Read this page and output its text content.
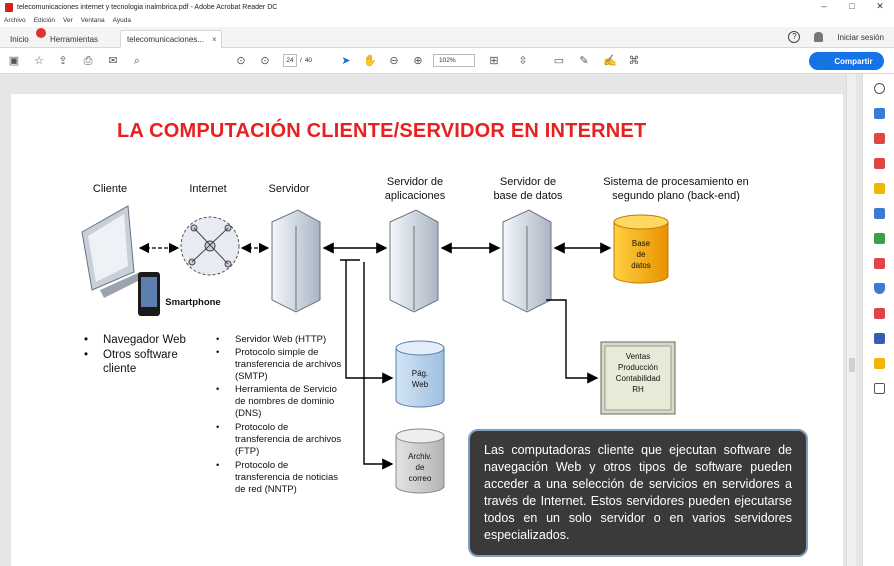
telecomunicaciones internet y tecnologia inalmbrica.pdf - Adobe Acrobat Reader DC	–	□	✕
Archivo Edición Ver Ventana Ayuda
Inicio	Herramientas	telecomunicaciones... ×	?	Iniciar sesión
▣ ☆ ⇪ ⎙ ✉ ⌕	⊙ ⊙	24 / 40	➤ ✋ ⊖ ⊕	102%	⊞ ⇳ ▭ ✎ ✍ ⌘	👤 Compartir
LA COMPUTACIÓN CLIENTE/SERVIDOR EN INTERNET
Cliente	Internet	Servidor
Servidor de
aplicaciones
Servidor de
base de datos
Sistema de procesamiento en
segundo plano (back-end)
Smartphone
Base
de
datos
Pág.
Web
Archiv.
de
correo
Ventas
Producción
Contabilidad
RH
• Navegador Web
• Otros software
cliente
• Servidor Web (HTTP)
• Protocolo simple de
transferencia de archivos
(SMTP)
• Herramienta de Servicio
de nombres de dominio
(DNS)
• Protocolo de
transferencia de archivos
(FTP)
• Protocolo de
transferencia de noticias
de red (NNTP)
Las computadoras cliente que ejecutan software de navegación Web y otros tipos de software pueden acceder a una selección de servicios en servidores a través de Internet. Estos servidores pueden ejecutarse todos en un solo servidor o en varios servidores especializados.
